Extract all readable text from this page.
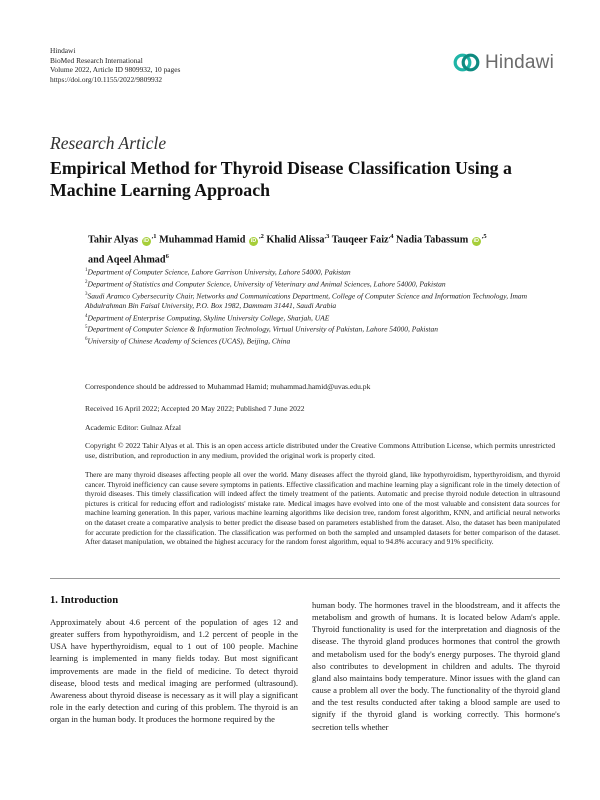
Hindawi
BioMed Research International
Volume 2022, Article ID 9809932, 10 pages
https://doi.org/10.1155/2022/9809932
Hindawi
Research Article
Empirical Method for Thyroid Disease Classification Using a Machine Learning Approach
Tahir Alyas $iD^{,1}$ Muhammad Hamid $iD^{,2}$ Khalid Alissa$^{,3}$ Tauqeer Faiz$^{,4}$ Nadia Tabassum $iD^{,5}$
and Aqeel Ahmad$^6$
$^1$Department of Computer Science, Lahore Garrison University, Lahore 54000, Pakistan
$^2$Department of Statistics and Computer Science, University of Veterinary and Animal Sciences, Lahore 54000, Pakistan
$^3$Saudi Aramco Cybersecurity Chair, Networks and Communications Department, College of Computer Science and Information Technology, Imam Abdulrahman Bin Faisal University, P.O. Box 1982, Dammam 31441, Saudi Arabia
$^4$Department of Enterprise Computing, Skyline University College, Sharjah, UAE
$^5$Department of Computer Science & Information Technology, Virtual University of Pakistan, Lahore 54000, Pakistan
$^6$University of Chinese Academy of Sciences (UCAS), Beijing, China
Correspondence should be addressed to Muhammad Hamid; muhammad.hamid@uvas.edu.pk
Received 16 April 2022; Accepted 20 May 2022; Published 7 June 2022
Academic Editor: Gulnaz Afzal
Copyright © 2022 Tahir Alyas et al. This is an open access article distributed under the Creative Commons Attribution License, which permits unrestricted use, distribution, and reproduction in any medium, provided the original work is properly cited.
There are many thyroid diseases affecting people all over the world. Many diseases affect the thyroid gland, like hypothyroidism, hyperthyroidism, and thyroid cancer. Thyroid inefficiency can cause severe symptoms in patients. Effective classification and machine learning play a significant role in the timely detection of thyroid diseases. This timely classification will indeed affect the timely treatment of the patients. Automatic and precise thyroid nodule detection in ultrasound pictures is critical for reducing effort and radiologists' mistake rate. Medical images have evolved into one of the most valuable and consistent data sources for machine learning generation. In this paper, various machine learning algorithms like decision tree, random forest algorithm, KNN, and artificial neural networks on the dataset create a comparative analysis to better predict the disease based on parameters established from the dataset. Also, the dataset has been manipulated for accurate prediction for the classification. The classification was performed on both the sampled and unsampled datasets for better comparison of the dataset. After dataset manipulation, we obtained the highest accuracy for the random forest algorithm, equal to 94.8% accuracy and 91% specificity.
1. Introduction
Approximately about 4.6 percent of the population of ages 12 and greater suffers from hypothyroidism, and 1.2 percent of people in the USA have hyperthyroidism, equal to 1 out of 100 people. Machine learning is implemented in many fields today. But most significant improvements are made in the field of medicine. To detect thyroid disease, blood tests and medical imaging are performed (ultrasound). Awareness about thyroid disease is necessary as it will play a significant role in the early detection and curing of this problem. The thyroid is an organ in the human body. It produces the hormone required by the
human body. The hormones travel in the bloodstream, and it affects the metabolism and growth of humans. It is located below Adam's apple. Thyroid functionality is used for the interpretation and diagnosis of the disease. The thyroid gland produces hormones that control the growth and metabolism used for the body's energy purposes. The thyroid gland also contributes to development in children and adults. The thyroid gland also maintains body temperature. Minor issues with the gland can cause a problem all over the body. The functionality of the thyroid gland and the test results conducted after taking a blood sample are used to signify if the thyroid gland is working correctly. This hormone's secretion tells whether
